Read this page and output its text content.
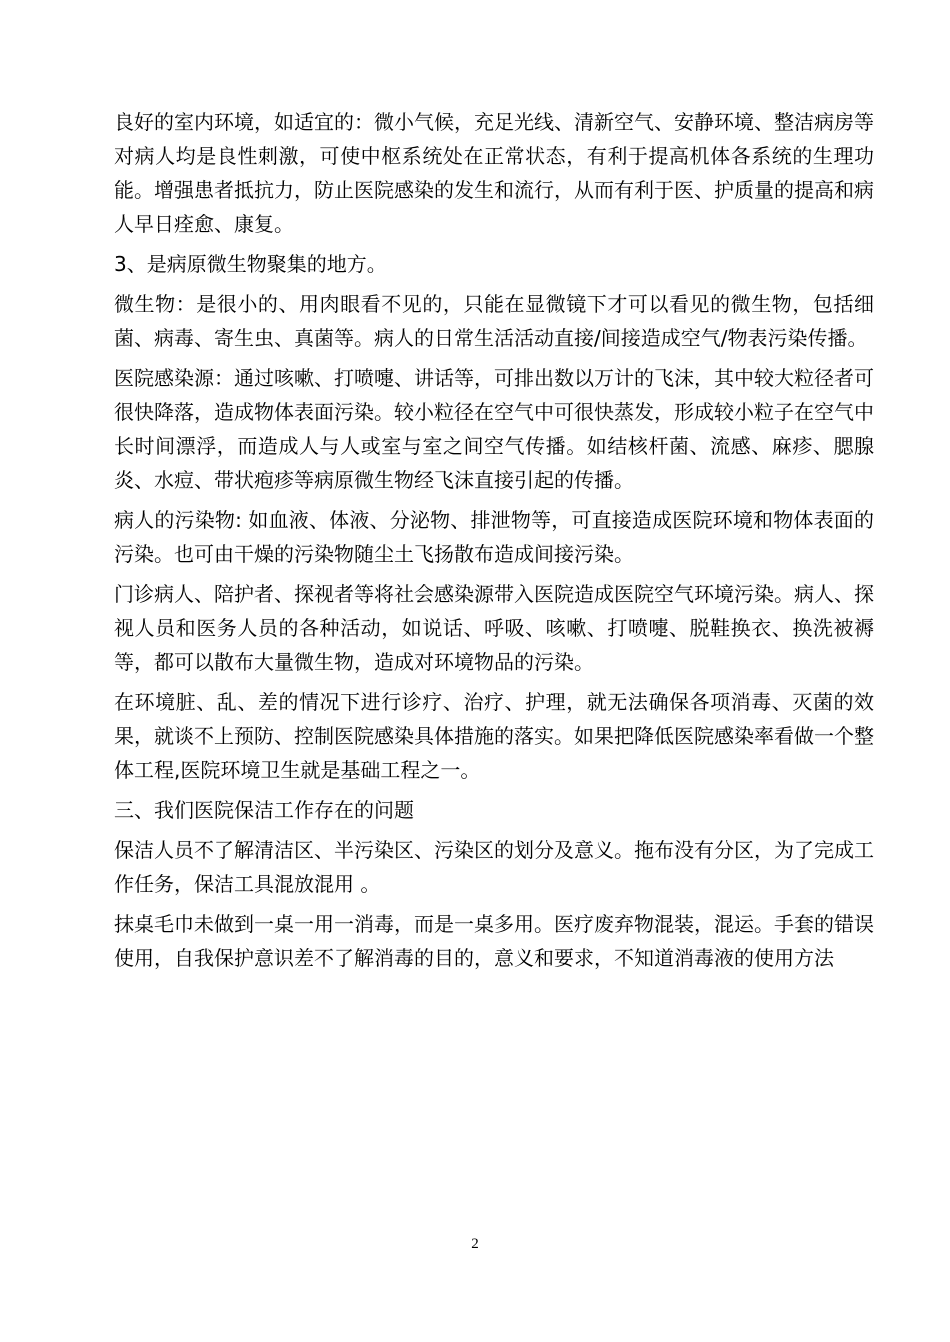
良好的室内环境，如适宜的：微小气候，充足光线、清新空气、安静环境、整洁病房等对病人均是良性刺激，可使中枢系统处在正常状态，有利于提高机体各系统的生理功能。增强患者抵抗力，防止医院感染的发生和流行，从而有利于医、护质量的提高和病人早日痊愈、康复。

3、是病原微生物聚集的地方。

微生物：是很小的、用肉眼看不见的，只能在显微镜下才可以看见的微生物，包括细菌、病毒、寄生虫、真菌等。病人的日常生活活动直接/间接造成空气/物表污染传播。

医院感染源：通过咳嗽、打喷嚏、讲话等，可排出数以万计的飞沫，其中较大粒径者可很快降落，造成物体表面污染。较小粒径在空气中可很快蒸发，形成较小粒子在空气中长时间漂浮，而造成人与人或室与室之间空气传播。如结核杆菌、流感、麻疹、腮腺炎、水痘、带状疱疹等病原微生物经飞沫直接引起的传播。

病人的污染物: 如血液、体液、分泌物、排泄物等，可直接造成医院环境和物体表面的污染。也可由干燥的污染物随尘土飞扬散布造成间接污染。

门诊病人、陪护者、探视者等将社会感染源带入医院造成医院空气环境污染。病人、探视人员和医务人员的各种活动，如说话、呼吸、咳嗽、打喷嚏、脱鞋换衣、换洗被褥等，都可以散布大量微生物，造成对环境物品的污染。

在环境脏、乱、差的情况下进行诊疗、治疗、护理，就无法确保各项消毒、灭菌的效果，就谈不上预防、控制医院感染具体措施的落实。如果把降低医院感染率看做一个整体工程,医院环境卫生就是基础工程之一。

三、我们医院保洁工作存在的问题

保洁人员不了解清洁区、半污染区、污染区的划分及意义。拖布没有分区，为了完成工作任务，保洁工具混放混用 。

抹桌毛巾未做到一桌一用一消毒，而是一桌多用。医疗废弃物混装，混运。手套的错误使用，自我保护意识差不了解消毒的目的，意义和要求，不知道消毒液的使用方法

2
